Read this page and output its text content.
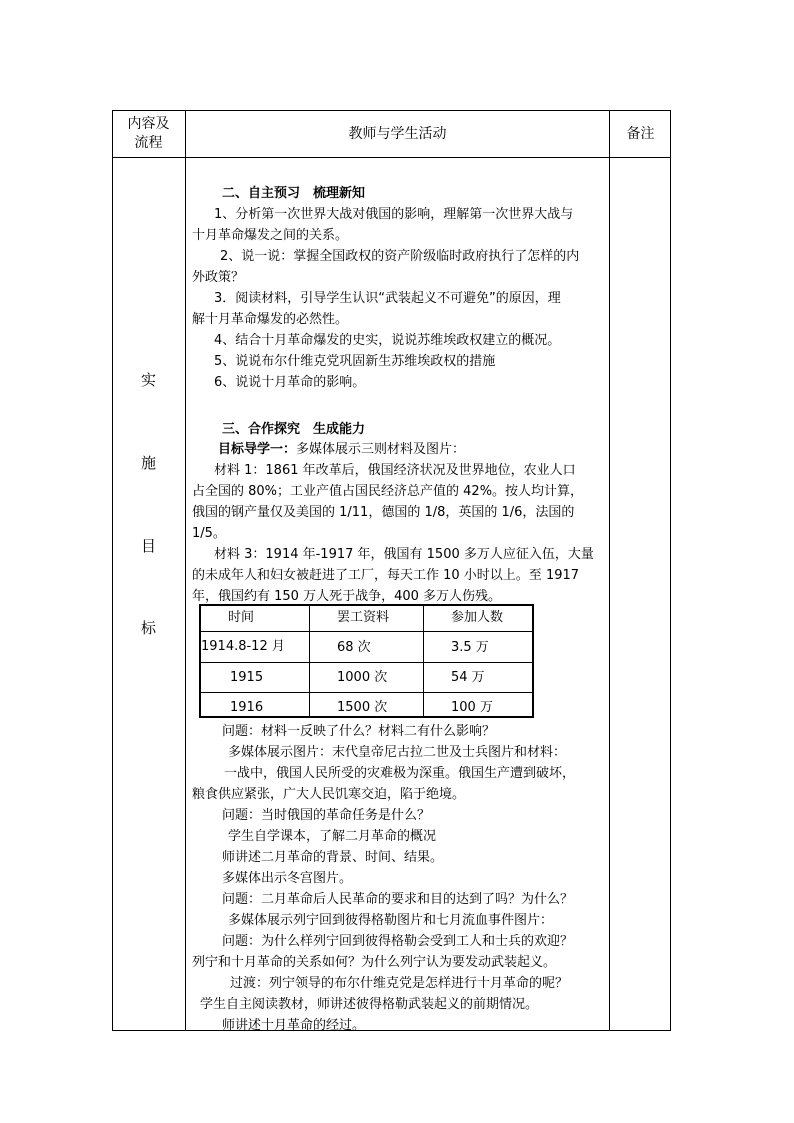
内容及
流程
教师与学生活动	备注
实
施
目
标
二、自主预习　梳理新知
1、分析第一次世界大战对俄国的影响，理解第一次世界大战与
十月革命爆发之间的关系。
2、说一说：掌握全国政权的资产阶级临时政府执行了怎样的内
外政策？
3．阅读材料，引导学生认识“武装起义不可避免”的原因，理
解十月革命爆发的必然性。
4、结合十月革命爆发的史实，说说苏维埃政权建立的概况。
5、说说布尔什维克党巩固新生苏维埃政权的措施
6、说说十月革命的影响。
三、合作探究　生成能力
目标导学一：多媒体展示三则材料及图片：
材料 1：1861 年改革后，俄国经济状况及世界地位，农业人口
占全国的 80%；工业产值占国民经济总产值的 42%。按人均计算，
俄国的钢产量仅及美国的 1/11，德国的 1/8，英国的 1/6，法国的
1/5。
材料 3：1914 年-1917 年，俄国有 1500 多万人应征入伍，大量
的未成年人和妇女被赶进了工厂，每天工作 10 小时以上。至 1917
年，俄国约有 150 万人死于战争，400 多万人伤残。
问题：材料一反映了什么？材料二有什么影响？
多媒体展示图片：末代皇帝尼古拉二世及士兵图片和材料：
一战中，俄国人民所受的灾难极为深重。俄国生产遭到破坏，
粮食供应紧张，广大人民饥寒交迫，陷于绝境。
问题：当时俄国的革命任务是什么？
学生自学课本，了解二月革命的概况
师讲述二月革命的背景、时间、结果。
多媒体出示冬宫图片。
问题：二月革命后人民革命的要求和目的达到了吗？为什么？
多媒体展示列宁回到彼得格勒图片和七月流血事件图片：
问题：为什么样列宁回到彼得格勒会受到工人和士兵的欢迎？
列宁和十月革命的关系如何？为什么列宁认为要发动武装起义。
过渡：列宁领导的布尔什维克党是怎样进行十月革命的呢？
学生自主阅读教材，师讲述彼得格勒武装起义的前期情况。
师讲述十月革命的经过。
时间	罢工资料	参加人数
1914.8-12 月	68 次	3.5 万
1915	1000 次	54 万
1916	1500 次	100 万
